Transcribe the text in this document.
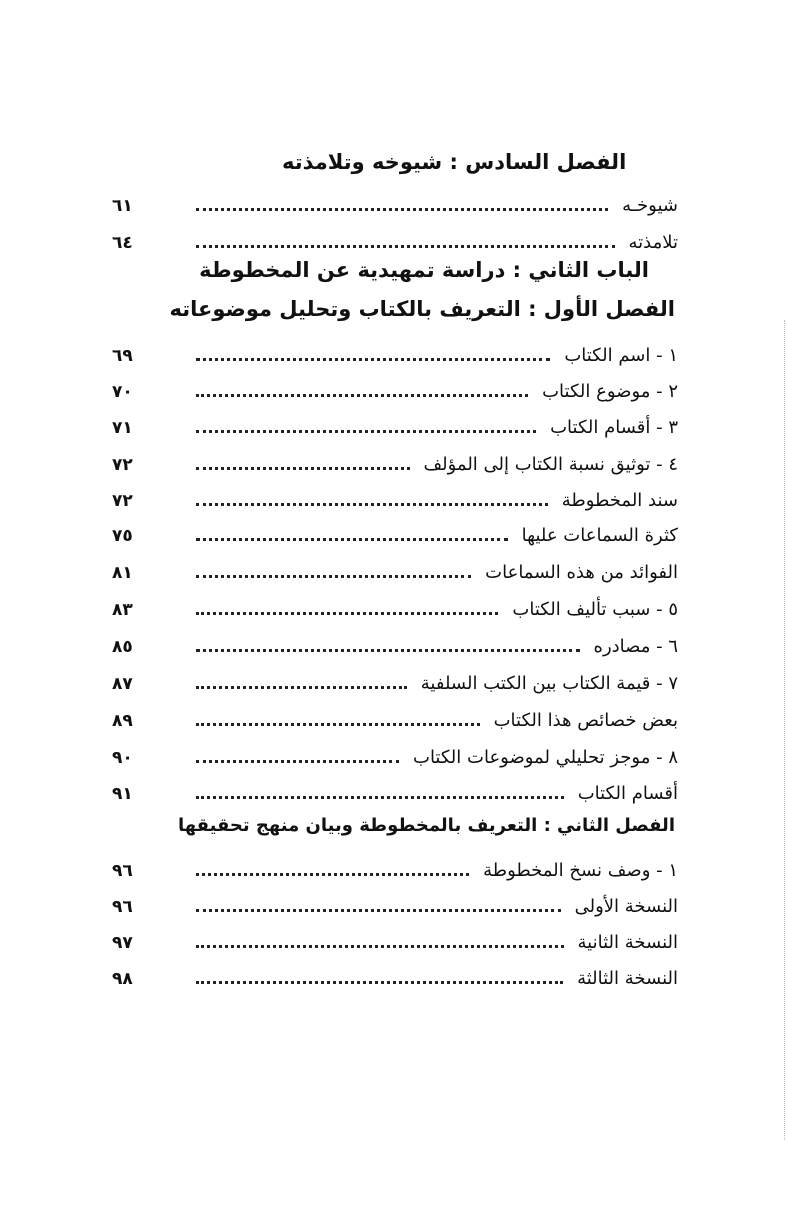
الفصل السادس : شيوخه وتلامذته
شيوخـه
٦١
تلامذته
٦٤
الباب الثاني : دراسة تمهيدية عن المخطوطة
الفصل الأول : التعريف بالكتاب وتحليل موضوعاته
١ - اسم الكتاب
٦٩
٢ - موضوع الكتاب
٧٠
٣ - أقسام الكتاب
٧١
٤ - توثيق نسبة الكتاب إلى المؤلف
٧٢
سند المخطوطة
٧٢
كثرة السماعات عليها
٧٥
الفوائد من هذه السماعات
٨١
٥ - سبب تأليف الكتاب
٨٣
٦ - مصادره
٨٥
٧ - قيمة الكتاب بين الكتب السلفية
٨٧
بعض خصائص هذا الكتاب
٨٩
٨ - موجز تحليلي لموضوعات الكتاب
٩٠
أقسام الكتاب
٩١
الفصل الثاني : التعريف بالمخطوطة وبيان منهج تحقيقها
١ - وصف نسخ المخطوطة
٩٦
النسخة الأولى
٩٦
النسخة الثانية
٩٧
النسخة الثالثة
٩٨
